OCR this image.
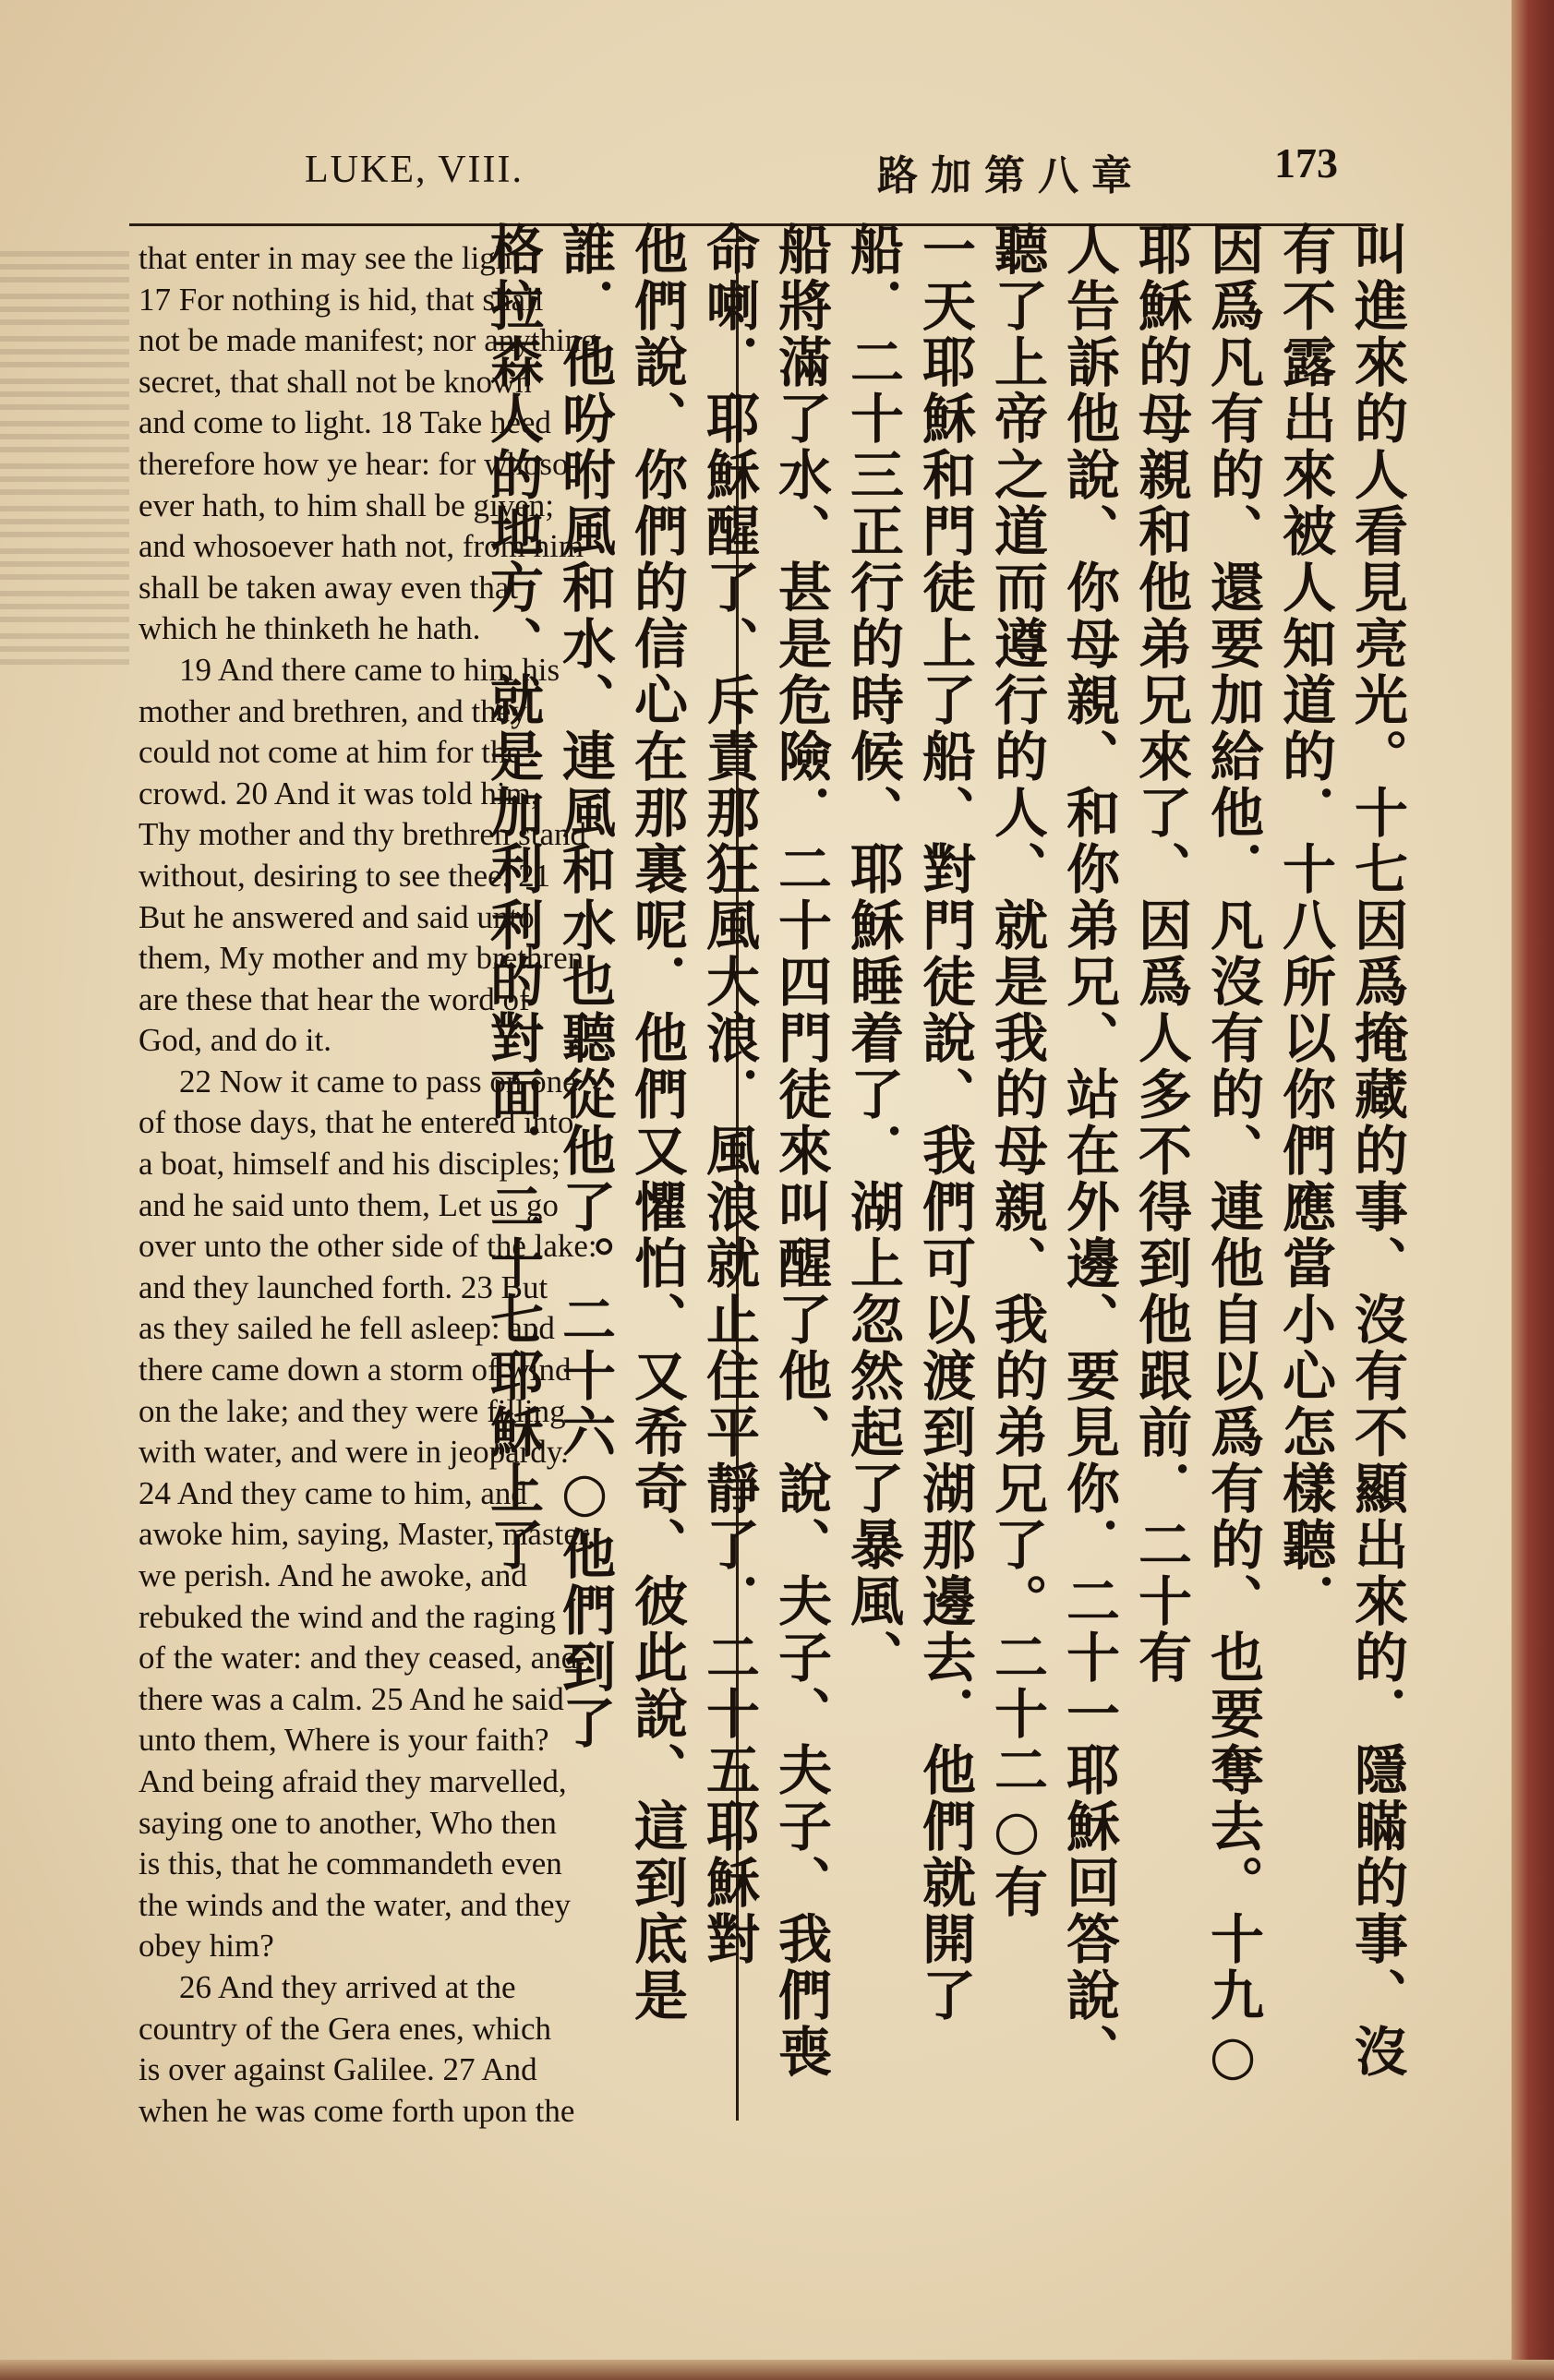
LUKE, VIII.	路加第八章	173

that enter in may see the light.

17 For nothing is hid, that shall

not be made manifest; nor anything

secret, that shall not be known

and come to light. 18 Take heed

therefore how ye hear: for whoso-

ever hath, to him shall be given;

and whosoever hath not, from him

shall be taken away even that

which he thinketh he hath.

19 And there came to him his

mother and brethren, and they

could not come at him for the

crowd. 20 And it was told him,

Thy mother and thy brethren stand

without, desiring to see thee. 21

But he answered and said unto

them, My mother and my brethren

are these that hear the word of

God, and do it.

22 Now it came to pass on one

of those days, that he entered into

a boat, himself and his disciples;

and he said unto them, Let us go

over unto the other side of the lake:

and they launched forth. 23 But

as they sailed he fell asleep: and

there came down a storm of wind

on the lake; and they were filling

with water, and were in jeopardy.

24 And they came to him, and

awoke him, saying, Master, master,

we perish. And he awoke, and

rebuked the wind and the raging

of the water: and they ceased, and

there was a calm. 25 And he said

unto them, Where is your faith?

And being afraid they marvelled,

saying one to another, Who then

is this, that he commandeth even

the winds and the water, and they

obey him?

26 And they arrived at the

country of the Gera enes, which

is over against Galilee. 27 And

when he was come forth upon the

叫進來的人看見亮光。十七因爲掩藏的事、沒有不顯出來的．隱瞞的事、沒有不露出來被人知道的．十八所以你們應當小心怎樣聽．
因爲凡有的、還要加給他．凡沒有的、連他自以爲有的、也要奪去。十九○耶穌的母親和他弟兄來了、因爲人多不得到他跟前．二十有
人告訴他說、你母親、和你弟兄、站在外邊、要見你．二十一耶穌回答說、聽了上帝之道而遵行的人、就是我的母親、我的弟兄了。二十二○有
一天耶穌和門徒上了船、對門徒說、我們可以渡到湖那邊去．他們就開了船．二十三正行的時候、耶穌睡着了．湖上忽然起了暴風、
船將滿了水、甚是危險．二十四門徒來叫醒了他、說、夫子、夫子、我們喪命喇．耶穌醒了、斥責那狂風大浪．風浪就止住平靜了．二十五耶穌對
他們說、你們的信心在那裏呢．他們又懼怕、又希奇、彼此說、這到底是誰．他吩咐風和水、連風和水也聽從他了。二十六○他們到了
格拉森人的地方、就是加利利的對面．二十七耶穌上了
